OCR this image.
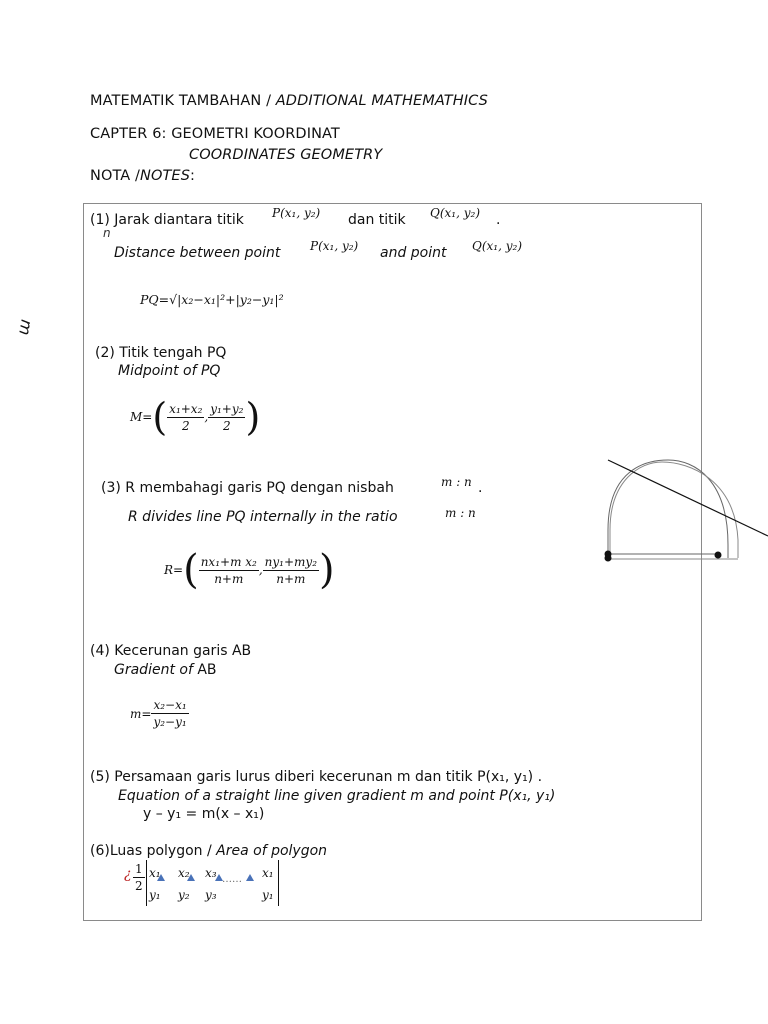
MATEMATIK TAMBAHAN / ADDITIONAL MATHEMATHICS
CAPTER 6: GEOMETRI KOORDINAT
COORDINATES GEOMETRY
NOTA /NOTES:
m
n
(1) Jarak diantara titik P(x₁, y₂) dan titik Q(x₁, y₂) .
Distance between point P(x₁, y₂) and point Q(x₁, y₂)
PQ=√|x₂−x₁|²+|y₂−y₁|²
(2) Titik tengah PQ
Midpoint of PQ
M= ( $\frac{\text{x₁+x₂}}{2}$ , $\frac{\text{y₁+y₂}}{2}$ )
(3) R membahagi garis PQ dengan nisbah	m : n .
R divides line PQ internally in the ratio	m : n
R= ( $\frac{\text{nx₁+m x₂}}{n+m}$ , $\frac{\text{ny₁+my₂}}{n+m}$ )
(4) Kecerunan garis AB
Gradient of AB
$m= \frac{\text{x₂−x₁}}{\text{y₂−y₁}}$
(5) Persamaan garis lurus diberi kecerunan m dan titik P(x₁, y₁) .
Equation of a straight line given gradient m and point P(x₁, y₁)
y – y₁ = m(x – x₁)
(6)Luas polygon / Area of polygon
¿ $\frac{1}{2} x_1$ x₂ x₃ …… x₁
y₁ y₂ y₃	y₁
